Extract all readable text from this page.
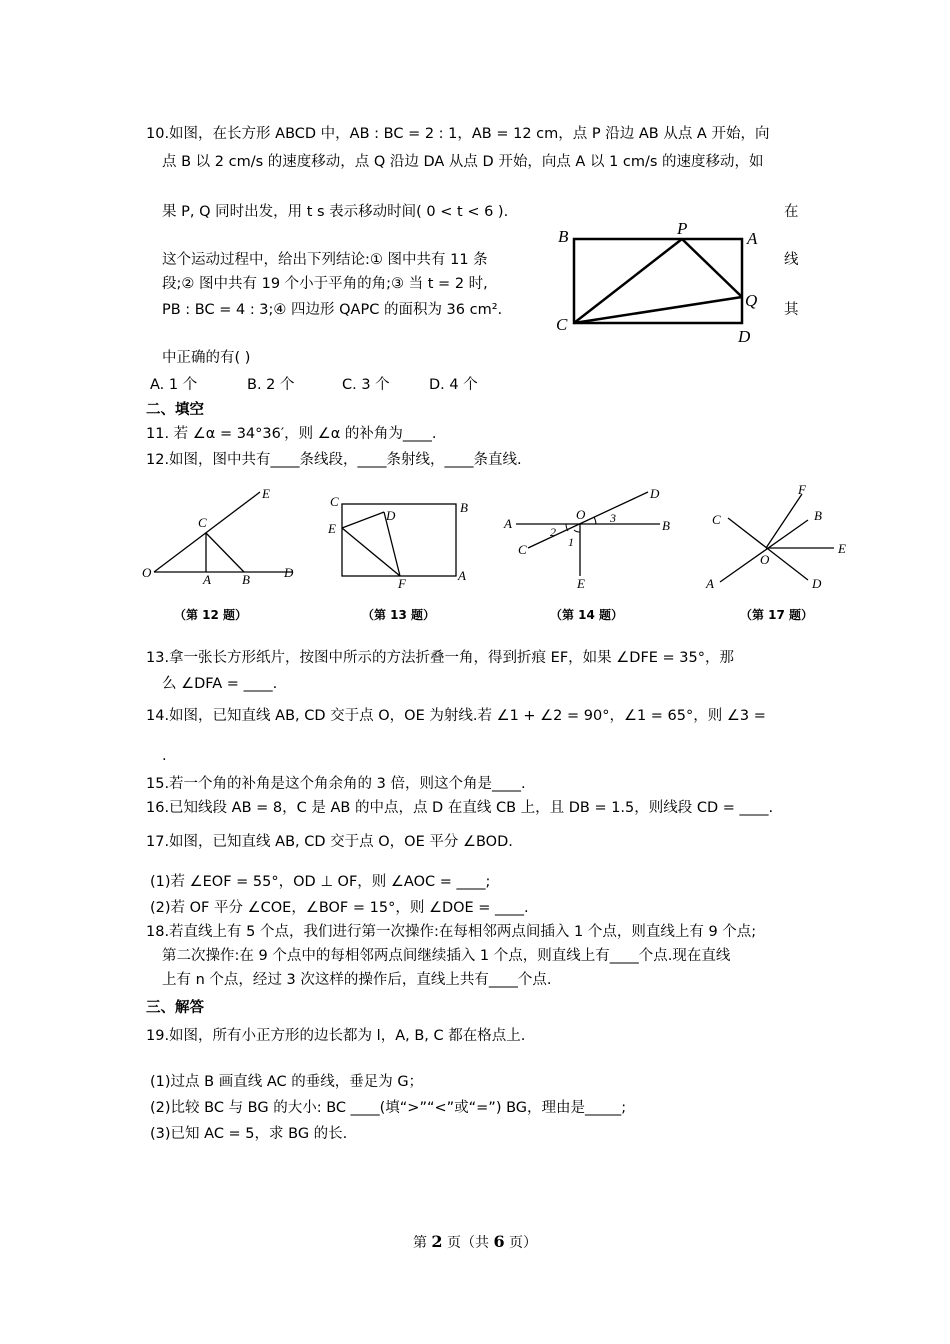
10.如图，在长方形 ABCD 中，AB : BC = 2 : 1，AB = 12 cm，点 P 沿边 AB 从点 A 开始，向
点 B 以 2 cm/s 的速度移动，点 Q 沿边 DA 从点 D 开始，向点 A 以 1 cm/s 的速度移动，如
果 P, Q 同时出发，用 t s 表示移动时间( 0 < t < 6 ).	在
这个运动过程中，给出下列结论:① 图中共有 11 条	线
段;② 图中共有 19 个小于平角的角;③ 当 t = 2 时,
PB : BC = 4 : 3;④ 四边形 QAPC 的面积为 36 cm².	其
中正确的有( )
A. 1 个	B. 2 个	C. 3 个	D. 4 个
B	P
A
Q
C
D
二、填空
11. 若 ∠α = 34°36′，则 ∠α 的补角为____.
12.如图，图中共有____条线段，____条射线，____条直线.
E
C
O	A B	D
C
D
B
E
F
A
D
A
O
2
3	B
C	1
E
F
B
C
E
O
A	D
（第 12 题）	（第 13 题）	（第 14 题）	（第 17 题）
13.拿一张长方形纸片，按图中所示的方法折叠一角，得到折痕 EF，如果 ∠DFE = 35°，那
么 ∠DFA = ____.
14.如图，已知直线 AB, CD 交于点 O，OE 为射线.若 ∠1 + ∠2 = 90°，∠1 = 65°，则 ∠3 =
.
15.若一个角的补角是这个角余角的 3 倍，则这个角是____.
16.已知线段 AB = 8，C 是 AB 的中点，点 D 在直线 CB 上，且 DB = 1.5，则线段 CD = ____.
17.如图，已知直线 AB, CD 交于点 O，OE 平分 ∠BOD.
(1)若 ∠EOF = 55°，OD ⊥ OF，则 ∠AOC = ____;
(2)若 OF 平分 ∠COE，∠BOF = 15°，则 ∠DOE = ____.
18.若直线上有 5 个点，我们进行第一次操作:在每相邻两点间插入 1 个点，则直线上有 9 个点;
第二次操作:在 9 个点中的每相邻两点间继续插入 1 个点，则直线上有____个点.现在直线
上有 n 个点，经过 3 次这样的操作后，直线上共有____个点.
三、解答
19.如图，所有小正方形的边长都为 l，A, B, C 都在格点上.
(1)过点 B 画直线 AC 的垂线，垂足为 G；
(2)比较 BC 与 BG 的大小: BC ____(填“>”“<”或“=”) BG，理由是_____;
(3)已知 AC = 5，求 BG 的长.
第 2 页（共 6 页）
